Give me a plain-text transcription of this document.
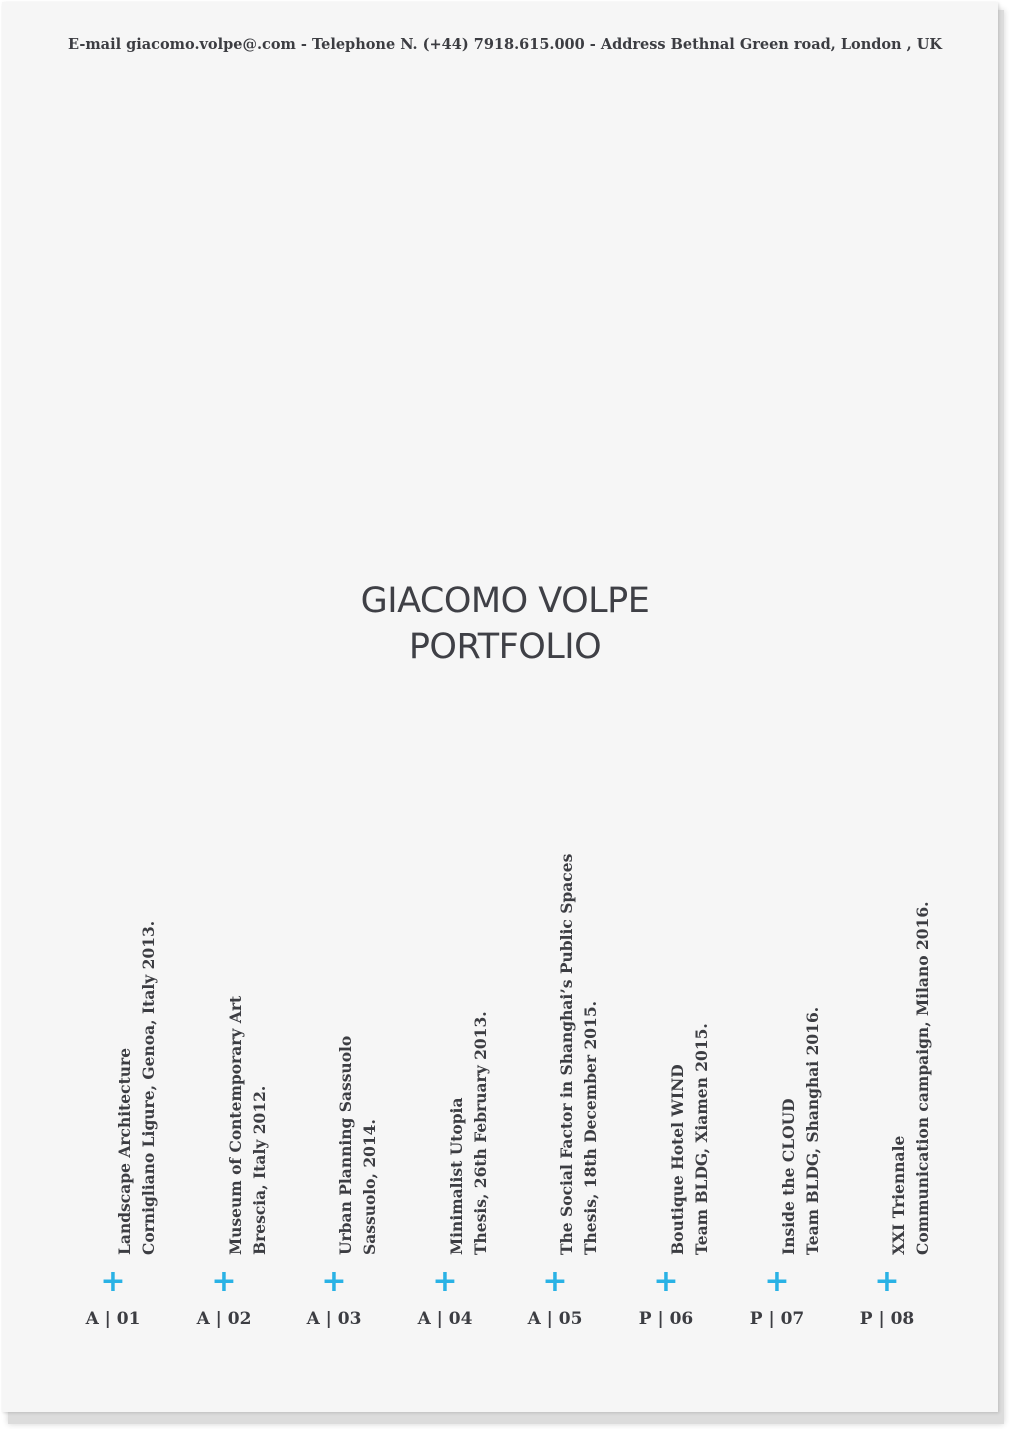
E-mail giacomo.volpe@.com - Telephone N. (+44) 7918.615.000 - Address Bethnal Green road, London , UK
GIACOMO VOLPE
PORTFOLIO
Landscape Architecture Cornigliano Ligure, Genoa, Italy 2013.
+
A | 01
Museum of Contemporary Art Brescia, Italy 2012.
+
A | 02
Urban Planning Sassuolo Sassuolo, 2014.
+
A | 03
Minimalist Utopia Thesis, 26th February 2013.
+
A | 04
The Social Factor in Shanghai’s Public Spaces Thesis, 18th December 2015.
+
A | 05
Boutique Hotel WIND Team BLDG, Xiamen 2015.
+
P | 06
Inside the CLOUD Team BLDG, Shanghai 2016.
+
P | 07
XXI Triennale Communication campaign, Milano 2016.
+
P | 08
